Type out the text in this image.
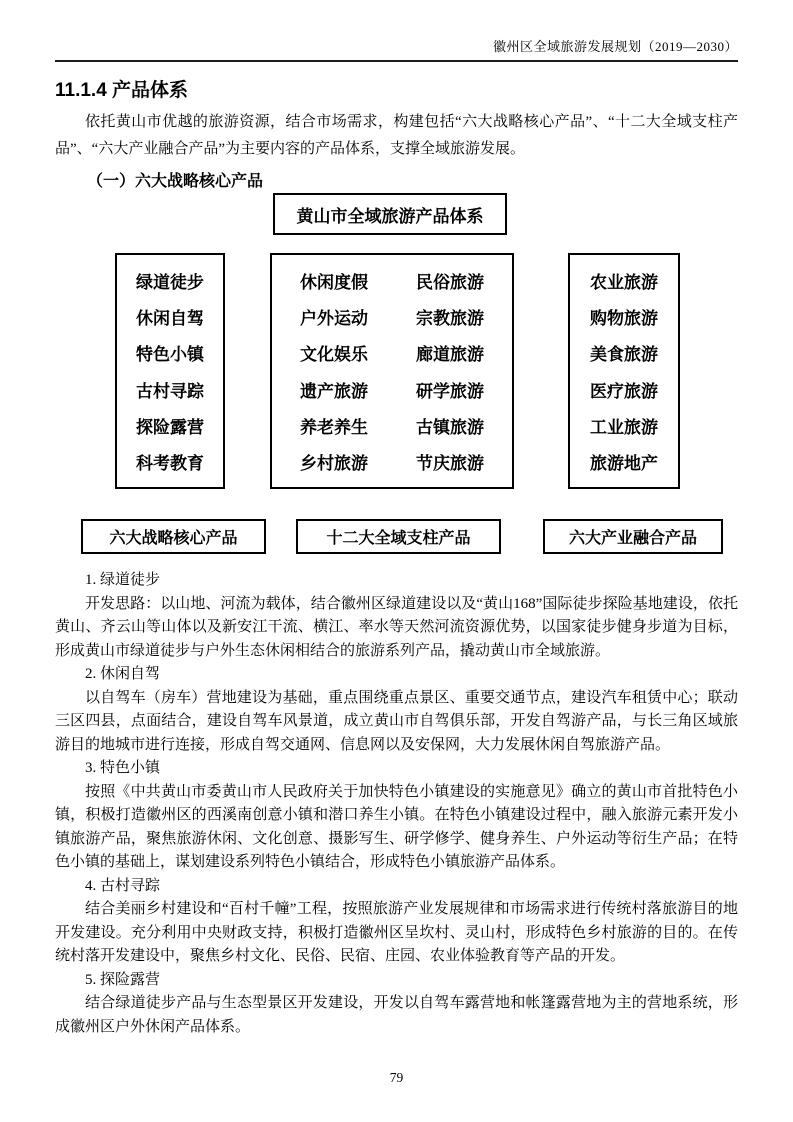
徽州区全域旅游发展规划（2019—2030）
11.1.4 产品体系

依托黄山市优越的旅游资源，结合市场需求，构建包括“六大战略核心产品”、“十二大全域支柱产品”、“六大产业融合产品”为主要内容的产品体系，支撑全域旅游发展。

（一）六大战略核心产品
黄山市全域旅游产品体系
绿道徒步
休闲自驾
特色小镇
古村寻踪
探险露营
科考教育
休闲度假	民俗旅游
户外运动	宗教旅游
文化娱乐	廊道旅游
遗产旅游	研学旅游
养老养生	古镇旅游
乡村旅游	节庆旅游
农业旅游
购物旅游
美食旅游
医疗旅游
工业旅游
旅游地产
六大战略核心产品	十二大全域支柱产品	六大产业融合产品
1. 绿道徒步

开发思路：以山地、河流为载体，结合徽州区绿道建设以及“黄山168”国际徒步探险基地建设，依托黄山、齐云山等山体以及新安江干流、横江、率水等天然河流资源优势，以国家徒步健身步道为目标，形成黄山市绿道徒步与户外生态休闲相结合的旅游系列产品，撬动黄山市全域旅游。

2. 休闲自驾

以自驾车（房车）营地建设为基础，重点围绕重点景区、重要交通节点，建设汽车租赁中心；联动三区四县，点面结合，建设自驾车风景道，成立黄山市自驾俱乐部，开发自驾游产品，与长三角区域旅游目的地城市进行连接，形成自驾交通网、信息网以及安保网，大力发展休闲自驾旅游产品。

3. 特色小镇

按照《中共黄山市委黄山市人民政府关于加快特色小镇建设的实施意见》确立的黄山市首批特色小镇，积极打造徽州区的西溪南创意小镇和潜口养生小镇。在特色小镇建设过程中，融入旅游元素开发小镇旅游产品，聚焦旅游休闲、文化创意、摄影写生、研学修学、健身养生、户外运动等衍生产品；在特色小镇的基础上，谋划建设系列特色小镇结合，形成特色小镇旅游产品体系。

4. 古村寻踪

结合美丽乡村建设和“百村千幢”工程，按照旅游产业发展规律和市场需求进行传统村落旅游目的地开发建设。充分利用中央财政支持，积极打造徽州区呈坎村、灵山村，形成特色乡村旅游的目的。在传统村落开发建设中，聚焦乡村文化、民俗、民宿、庄园、农业体验教育等产品的开发。

5. 探险露营

结合绿道徒步产品与生态型景区开发建设，开发以自驾车露营地和帐篷露营地为主的营地系统，形成徽州区户外休闲产品体系。

79
